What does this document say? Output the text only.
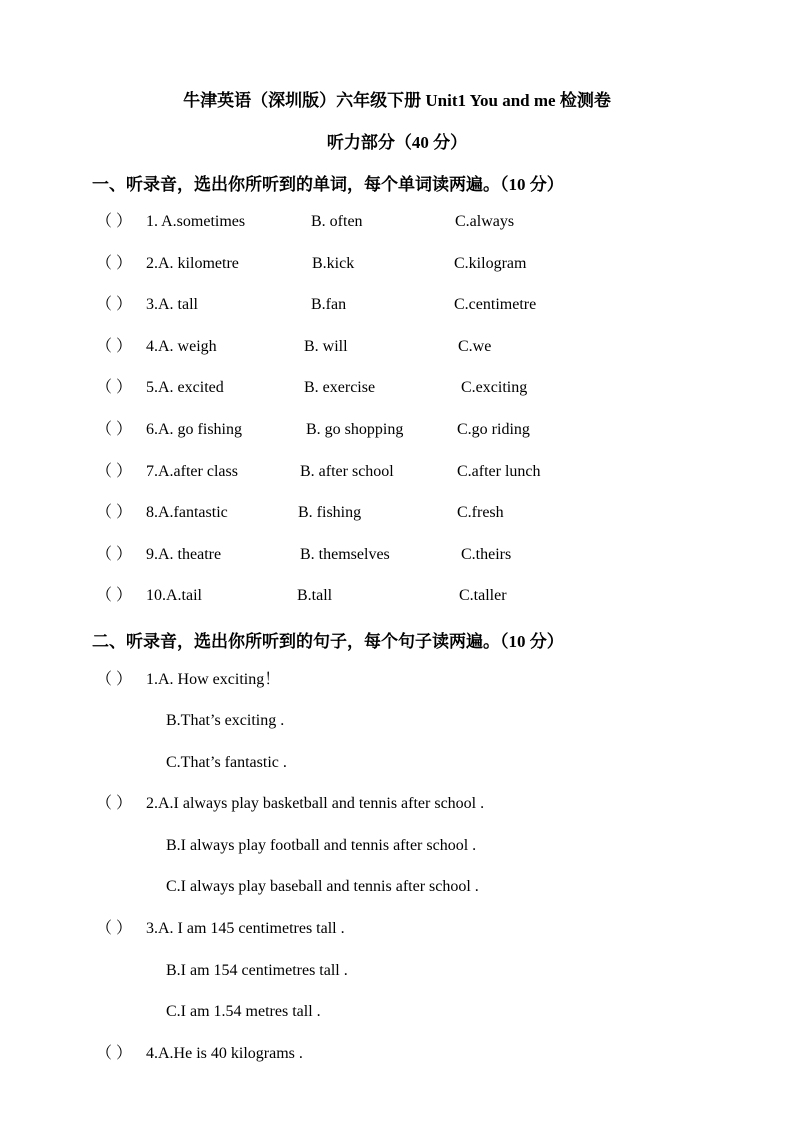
牛津英语（深圳版）六年级下册 Unit1 You and me 检测卷
听力部分（40 分）
一、听录音，选出你所听到的单词，每个单词读两遍。（10 分）
（ ） 1. A.sometimes	B. often	C.always
（ ） 2.A. kilometre	B.kick	C.kilogram
（ ） 3.A. tall	B.fan	C.centimetre
（ ） 4.A. weigh	B. will	C.we
（ ） 5.A. excited	B. exercise	C.exciting
（ ） 6.A. go fishing	B. go shopping	C.go riding
（ ） 7.A.after class	B. after school	C.after lunch
（ ） 8.A.fantastic	B. fishing	C.fresh
（ ） 9.A. theatre	B. themselves	C.theirs
（ ） 10.A.tail	B.tall	C.taller
二、听录音，选出你所听到的句子，每个句子读两遍。（10 分）
（ ） 1.A. How exciting！
B.That’s exciting .
C.That’s fantastic .
（ ） 2.A.I always play basketball and tennis after school .
B.I always play football and tennis after school .
C.I always play baseball and tennis after school .
（ ） 3.A. I am 145 centimetres tall .
B.I am 154 centimetres tall .
C.I am 1.54 metres tall .
（ ） 4.A.He is 40 kilograms .
